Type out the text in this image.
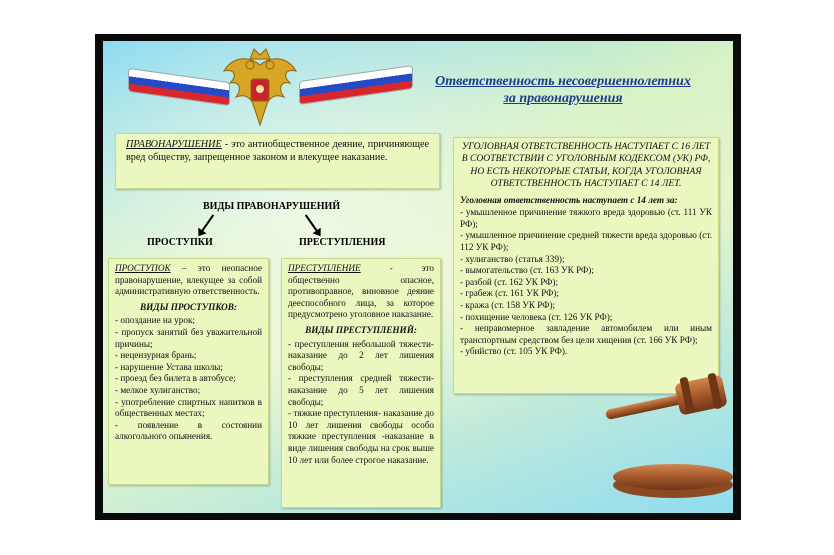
Ответственность несовершеннолетних
за правонарушения
ПРАВОНАРУШЕНИЕ - это антиобщественное деяние, причиняющее вред обществу, запрещенное законом и влекущее наказание.
ВИДЫ ПРАВОНАРУШЕНИЙ
ПРОСТУПКИ	ПРЕСТУПЛЕНИЯ
ПРОСТУПОК – это неопасное правонарушение, влекущее за собой административную ответственность.
ВИДЫ ПРОСТУПКОВ:
- опоздание на урок;
- пропуск занятий без уважительной причины;
- нецензурная брань;
- нарушение Устава школы;
- проезд без билета в автобусе;
- мелкое хулиганство;
- употребление спиртных напитков в общественных местах;
- появление в состоянии алкогольного опьянения.
ПРЕСТУПЛЕНИЕ - это общественно опасное, противоправное, виновное деяние дееспособного лица, за которое предусмотрено уголовное наказание.
ВИДЫ ПРЕСТУПЛЕНИЙ:
- преступления небольшой тяжести- наказание до 2 лет лишения свободы;
- преступления средней тяжести-наказание до 5 лет лишения свободы;
- тяжкие преступления- наказание до 10 лет лишения свободы особо тяжкие преступления -наказание в виде лишения свободы на срок выше 10 лет или более строгое наказание.
УГОЛОВНАЯ ОТВЕТСТВЕННОСТЬ НАСТУПАЕТ С 16 ЛЕТ В СООТВЕТСТВИИ С УГОЛОВНЫМ КОДЕКСОМ (УК) РФ, НО ЕСТЬ НЕКОТОРЫЕ СТАТЬИ, КОГДА УГОЛОВНАЯ ОТВЕТСТВЕННОСТЬ НАСТУПАЕТ С 14 ЛЕТ.
Уголовная ответственность наступает с 14 лет за:
- умышленное причинение тяжкого вреда здоровью (ст. 111 УК РФ);
- умышленное причинение средней тяжести вреда здоровью (ст. 112 УК РФ);
- хулиганство (статья 339);
- вымогательство (ст. 163 УК РФ);
- разбой (ст. 162 УК РФ);
- грабеж (ст. 161 УК РФ);
- кража (ст. 158 УК РФ);
- похищение человека (ст. 126 УК РФ);
- неправомерное завладение автомобилем или иным транспортным средством без цели хищения (ст. 166 УК РФ);
- убийство (ст. 105 УК РФ).
